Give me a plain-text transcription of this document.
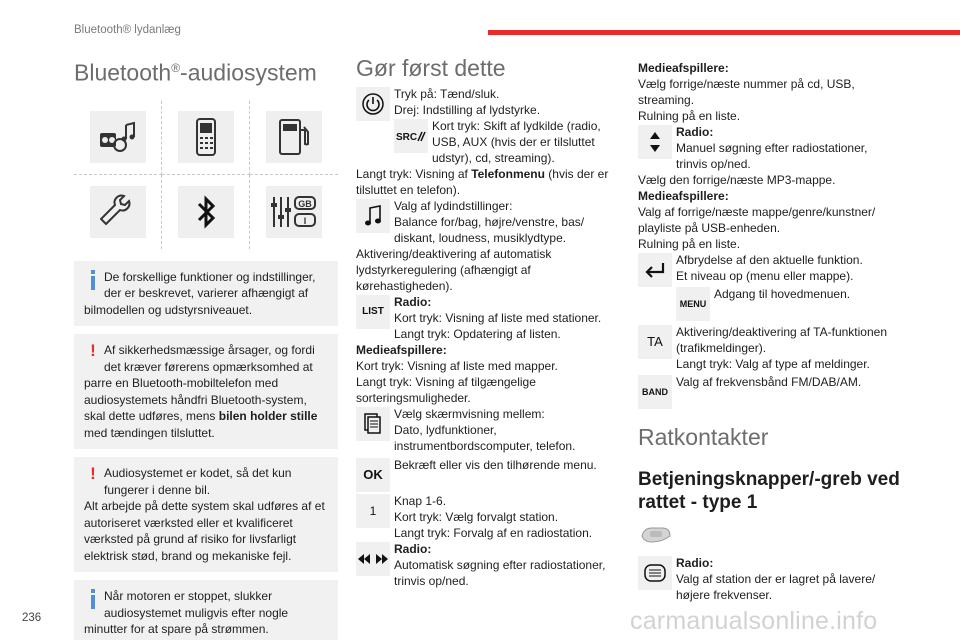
Bluetooth® lydanlæg
Bluetooth®-audiosystem
GB
I
De forskellige funktioner og indstillinger, der er beskrevet, varierer afhængigt af
bilmodellen og udstyrsniveauet.
! Af sikkerhedsmæssige årsager, og fordi det kræver førerens opmærksomhed at
parre en Bluetooth-mobiltelefon med audiosystemets håndfri Bluetooth-system, skal dette udføres, mens bilen holder stille med tændingen tilsluttet.
! Audiosystemet er kodet, så det kun fungerer i denne bil.
Alt arbejde på dette system skal udføres af et autoriseret værksted eller et kvalificeret værksted på grund af risiko for livsfarligt elektrisk stød, brand og mekaniske fejl.
Når motoren er stoppet, slukker audiosystemet muligvis efter nogle
minutter for at spare på strømmen.
Gør først dette
Tryk på: Tænd/sluk.
Drej: Indstilling af lydstyrke.
SRC
Kort tryk: Skift af lydkilde (radio, USB, AUX (hvis der er tilsluttet udstyr), cd, streaming).
Langt tryk: Visning af Telefonmenu (hvis der er tilsluttet en telefon).
Valg af lydindstillinger:
Balance for/bag, højre/venstre, bas/ diskant, loudness, musiklydtype.
Aktivering/deaktivering af automatisk lydstyrkeregulering (afhængigt af kørehastigheden).
LIST
Radio:
Kort tryk: Visning af liste med stationer.
Langt tryk: Opdatering af listen.
Medieafspillere:
Kort tryk: Visning af liste med mapper.
Langt tryk: Visning af tilgængelige sorteringsmuligheder.
Vælg skærmvisning mellem:
Dato, lydfunktioner, instrumentbordscomputer, telefon.
OK
Bekræft eller vis den tilhørende menu.
1
Knap 1-6.
Kort tryk: Vælg forvalgt station.
Langt tryk: Forvalg af en radiostation.
Radio:
Automatisk søgning efter radiostationer, trinvis op/ned.
Medieafspillere:
Vælg forrige/næste nummer på cd, USB, streaming.
Rulning på en liste.
Radio:
Manuel søgning efter radiostationer, trinvis op/ned.
Vælg den forrige/næste MP3-mappe.
Medieafspillere:
Valg af forrige/næste mappe/genre/kunstner/ playliste på USB-enheden.
Rulning på en liste.
Afbrydelse af den aktuelle funktion.
Et niveau op (menu eller mappe).
MENU
Adgang til hovedmenuen.
TA
Aktivering/deaktivering af TA-funktionen (trafikmeldinger).
Langt tryk: Valg af type af meldinger.
BAND
Valg af frekvensbånd FM/DAB/AM.
Ratkontakter
Betjeningsknapper/-greb ved rattet - type 1
Radio:
Valg af station der er lagret på lavere/ højere frekvenser.
236	carmanualsonline.info
